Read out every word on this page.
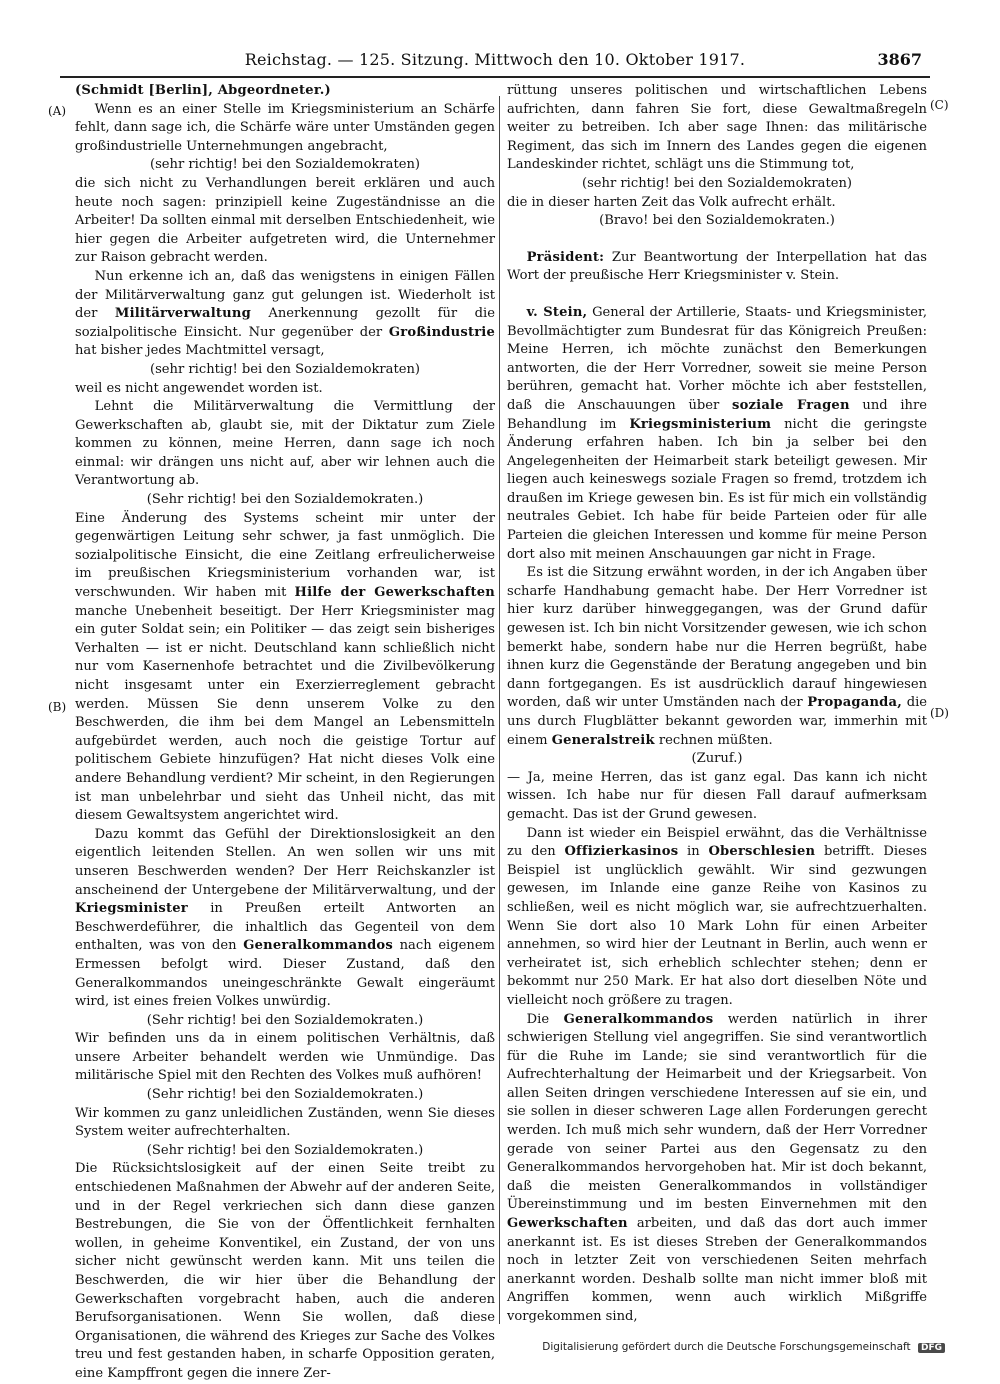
Reichstag. — 125. Sitzung. Mittwoch den 10. Oktober 1917.	3867
(A)
(B)
(C)
(D)

(Schmidt [Berlin], Abgeordneter.)

Wenn es an einer Stelle im Kriegsministerium an Schärfe fehlt, dann sage ich, die Schärfe wäre unter Umständen gegen großindustrielle Unternehmungen angebracht,

(sehr richtig! bei den Sozialdemokraten)

die sich nicht zu Verhandlungen bereit erklären und auch heute noch sagen: prinzipiell keine Zugeständnisse an die Arbeiter! Da sollten einmal mit derselben Entschiedenheit, wie hier gegen die Arbeiter aufgetreten wird, die Unternehmer zur Raison gebracht werden.

Nun erkenne ich an, daß das wenigstens in einigen Fällen der Militärverwaltung ganz gut gelungen ist. Wiederholt ist der Militärverwaltung Anerkennung gezollt für die sozialpolitische Einsicht. Nur gegenüber der Großindustrie hat bisher jedes Machtmittel versagt,

(sehr richtig! bei den Sozialdemokraten)

weil es nicht angewendet worden ist.

Lehnt die Militärverwaltung die Vermittlung der Gewerkschaften ab, glaubt sie, mit der Diktatur zum Ziele kommen zu können, meine Herren, dann sage ich noch einmal: wir drängen uns nicht auf, aber wir lehnen auch die Verantwortung ab.

(Sehr richtig! bei den Sozialdemokraten.)

Eine Änderung des Systems scheint mir unter der gegenwärtigen Leitung sehr schwer, ja fast unmöglich. Die sozialpolitische Einsicht, die eine Zeitlang erfreulicherweise im preußischen Kriegsministerium vorhanden war, ist verschwunden. Wir haben mit Hilfe der Gewerkschaften manche Unebenheit beseitigt. Der Herr Kriegsminister mag ein guter Soldat sein; ein Politiker — das zeigt sein bisheriges Verhalten — ist er nicht. Deutschland kann schließlich nicht nur vom Kasernenhofe betrachtet und die Zivilbevölkerung nicht insgesamt unter ein Exerzierreglement gebracht werden. Müssen Sie denn unserem Volke zu den Beschwerden, die ihm bei dem Mangel an Lebensmitteln aufgebürdet werden, auch noch die geistige Tortur auf politischem Gebiete hinzufügen? Hat nicht dieses Volk eine andere Behandlung verdient? Mir scheint, in den Regierungen ist man unbelehrbar und sieht das Unheil nicht, das mit diesem Gewaltsystem angerichtet wird.

Dazu kommt das Gefühl der Direktionslosigkeit an den eigentlich leitenden Stellen. An wen sollen wir uns mit unseren Beschwerden wenden? Der Herr Reichskanzler ist anscheinend der Untergebene der Militärverwaltung, und der Kriegsminister in Preußen erteilt Antworten an Beschwerdeführer, die inhaltlich das Gegenteil von dem enthalten, was von den Generalkommandos nach eigenem Ermessen befolgt wird. Dieser Zustand, daß den Generalkommandos uneingeschränkte Gewalt eingeräumt wird, ist eines freien Volkes unwürdig.

(Sehr richtig! bei den Sozialdemokraten.)

Wir befinden uns da in einem politischen Verhältnis, daß unsere Arbeiter behandelt werden wie Unmündige. Das militärische Spiel mit den Rechten des Volkes muß aufhören!

(Sehr richtig! bei den Sozialdemokraten.)

Wir kommen zu ganz unleidlichen Zuständen, wenn Sie dieses System weiter aufrechterhalten.

(Sehr richtig! bei den Sozialdemokraten.)

Die Rücksichtslosigkeit auf der einen Seite treibt zu entschiedenen Maßnahmen der Abwehr auf der anderen Seite, und in der Regel verkriechen sich dann diese ganzen Bestrebungen, die Sie von der Öffentlichkeit fernhalten wollen, in geheime Konventikel, ein Zustand, der von uns sicher nicht gewünscht werden kann. Mit uns teilen die Beschwerden, die wir hier über die Behandlung der Gewerkschaften vorgebracht haben, auch die anderen Berufsorganisationen. Wenn Sie wollen, daß diese Organisationen, die während des Krieges zur Sache des Volkes treu und fest gestanden haben, in scharfe Opposition geraten, eine Kampffront gegen die innere Zer-

rüttung unseres politischen und wirtschaftlichen Lebens aufrichten, dann fahren Sie fort, diese Gewaltmaßregeln weiter zu betreiben. Ich aber sage Ihnen: das militärische Regiment, das sich im Innern des Landes gegen die eigenen Landeskinder richtet, schlägt uns die Stimmung tot,

(sehr richtig! bei den Sozialdemokraten)

die in dieser harten Zeit das Volk aufrecht erhält.

(Bravo! bei den Sozialdemokraten.)

Präsident: Zur Beantwortung der Interpellation hat das Wort der preußische Herr Kriegsminister v. Stein.

v. Stein, General der Artillerie, Staats- und Kriegsminister, Bevollmächtigter zum Bundesrat für das Königreich Preußen: Meine Herren, ich möchte zunächst den Bemerkungen antworten, die der Herr Vorredner, soweit sie meine Person berühren, gemacht hat. Vorher möchte ich aber feststellen, daß die Anschauungen über soziale Fragen und ihre Behandlung im Kriegsministerium nicht die geringste Änderung erfahren haben. Ich bin ja selber bei den Angelegenheiten der Heimarbeit stark beteiligt gewesen. Mir liegen auch keineswegs soziale Fragen so fremd, trotzdem ich draußen im Kriege gewesen bin. Es ist für mich ein vollständig neutrales Gebiet. Ich habe für beide Parteien oder für alle Parteien die gleichen Interessen und komme für meine Person dort also mit meinen Anschauungen gar nicht in Frage.

Es ist die Sitzung erwähnt worden, in der ich Angaben über scharfe Handhabung gemacht habe. Der Herr Vorredner ist hier kurz darüber hinweggegangen, was der Grund dafür gewesen ist. Ich bin nicht Vorsitzender gewesen, wie ich schon bemerkt habe, sondern habe nur die Herren begrüßt, habe ihnen kurz die Gegenstände der Beratung angegeben und bin dann fortgegangen. Es ist ausdrücklich darauf hingewiesen worden, daß wir unter Umständen nach der Propaganda, die uns durch Flugblätter bekannt geworden war, immerhin mit einem Generalstreik rechnen müßten.

(Zuruf.)

— Ja, meine Herren, das ist ganz egal. Das kann ich nicht wissen. Ich habe nur für diesen Fall darauf aufmerksam gemacht. Das ist der Grund gewesen.

Dann ist wieder ein Beispiel erwähnt, das die Verhältnisse zu den Offizierkasinos in Oberschlesien betrifft. Dieses Beispiel ist unglücklich gewählt. Wir sind gezwungen gewesen, im Inlande eine ganze Reihe von Kasinos zu schließen, weil es nicht möglich war, sie aufrechtzuerhalten. Wenn Sie dort also 10 Mark Lohn für einen Arbeiter annehmen, so wird hier der Leutnant in Berlin, auch wenn er verheiratet ist, sich erheblich schlechter stehen; denn er bekommt nur 250 Mark. Er hat also dort dieselben Nöte und vielleicht noch größere zu tragen.

Die Generalkommandos werden natürlich in ihrer schwierigen Stellung viel angegriffen. Sie sind verantwortlich für die Ruhe im Lande; sie sind verantwortlich für die Aufrechterhaltung der Heimarbeit und der Kriegsarbeit. Von allen Seiten dringen verschiedene Interessen auf sie ein, und sie sollen in dieser schweren Lage allen Forderungen gerecht werden. Ich muß mich sehr wundern, daß der Herr Vorredner gerade von seiner Partei aus den Gegensatz zu den Generalkommandos hervorgehoben hat. Mir ist doch bekannt, daß die meisten Generalkommandos in vollständiger Übereinstimmung und im besten Einvernehmen mit den Gewerkschaften arbeiten, und daß das dort auch immer anerkannt ist. Es ist dieses Streben der Generalkommandos noch in letzter Zeit von verschiedenen Seiten mehrfach anerkannt worden. Deshalb sollte man nicht immer bloß mit Angriffen kommen, wenn auch wirklich Mißgriffe vorgekommen sind,

Digitalisierung gefördert durch die Deutsche Forschungsgemeinschaft DFG
